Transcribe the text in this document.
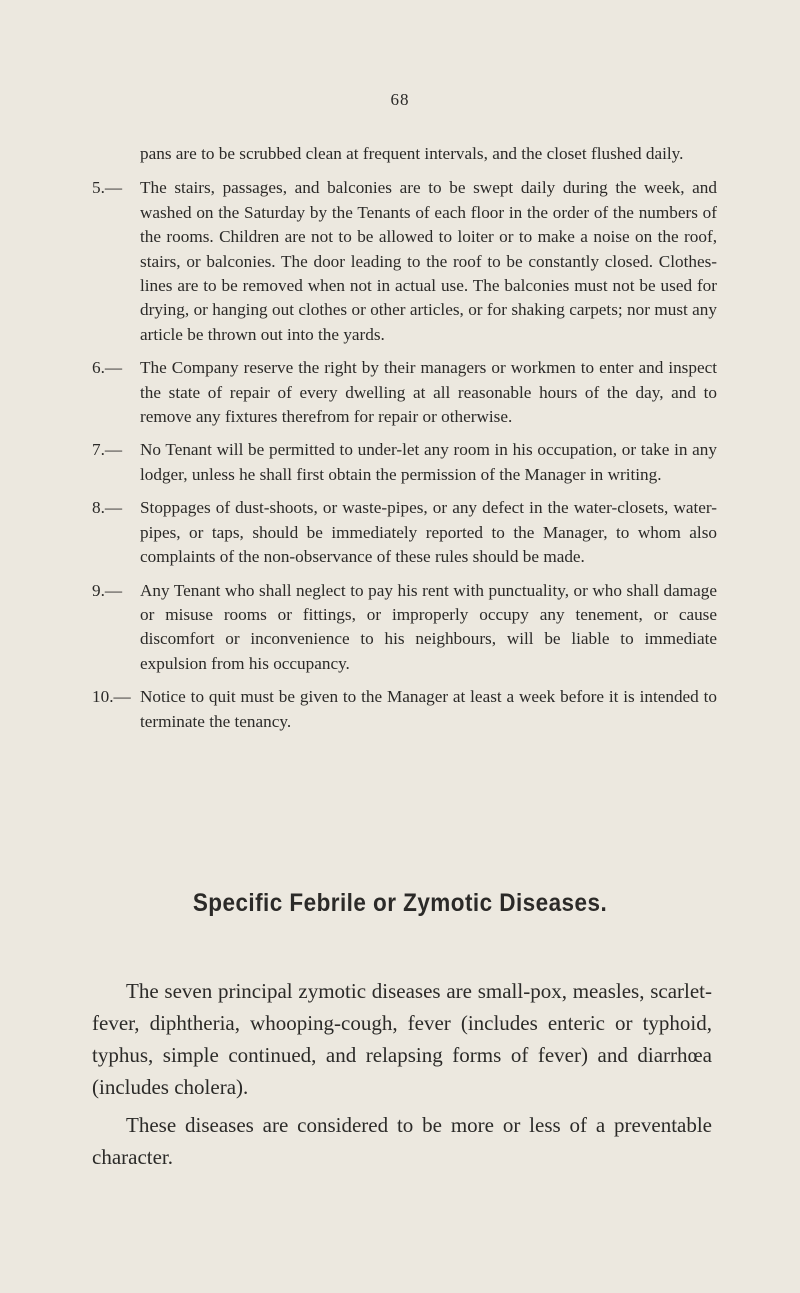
68

pans are to be scrubbed clean at frequent intervals, and the closet flushed daily.

5.—	The stairs, passages, and balconies are to be swept daily during the week, and washed on the Saturday by the Tenants of each floor in the order of the numbers of the rooms. Children are not to be allowed to loiter or to make a noise on the roof, stairs, or balconies. The door leading to the roof to be constantly closed. Clothes-lines are to be removed when not in actual use. The balconies must not be used for drying, or hanging out clothes or other articles, or for shaking carpets; nor must any article be thrown out into the yards.
6.—	The Company reserve the right by their managers or workmen to enter and inspect the state of repair of every dwelling at all reasonable hours of the day, and to remove any fixtures therefrom for repair or otherwise.
7.—	No Tenant will be permitted to under-let any room in his occupation, or take in any lodger, unless he shall first obtain the permission of the Manager in writing.
8.—	Stoppages of dust-shoots, or waste-pipes, or any defect in the water-closets, water-pipes, or taps, should be immediately reported to the Manager, to whom also complaints of the non-observance of these rules should be made.
9.—	Any Tenant who shall neglect to pay his rent with punctuality, or who shall damage or misuse rooms or fittings, or improperly occupy any tenement, or cause discomfort or inconvenience to his neighbours, will be liable to immediate expulsion from his occupancy.
10.— Notice to quit must be given to the Manager at least a week before it is intended to terminate the tenancy.
Specific Febrile or Zymotic Diseases.

The seven principal zymotic diseases are small-pox, measles, scarlet-fever, diphtheria, whooping-cough, fever (includes enteric or typhoid, typhus, simple continued, and relapsing forms of fever) and diarrhœa (includes cholera).

These diseases are considered to be more or less of a preventable character.
